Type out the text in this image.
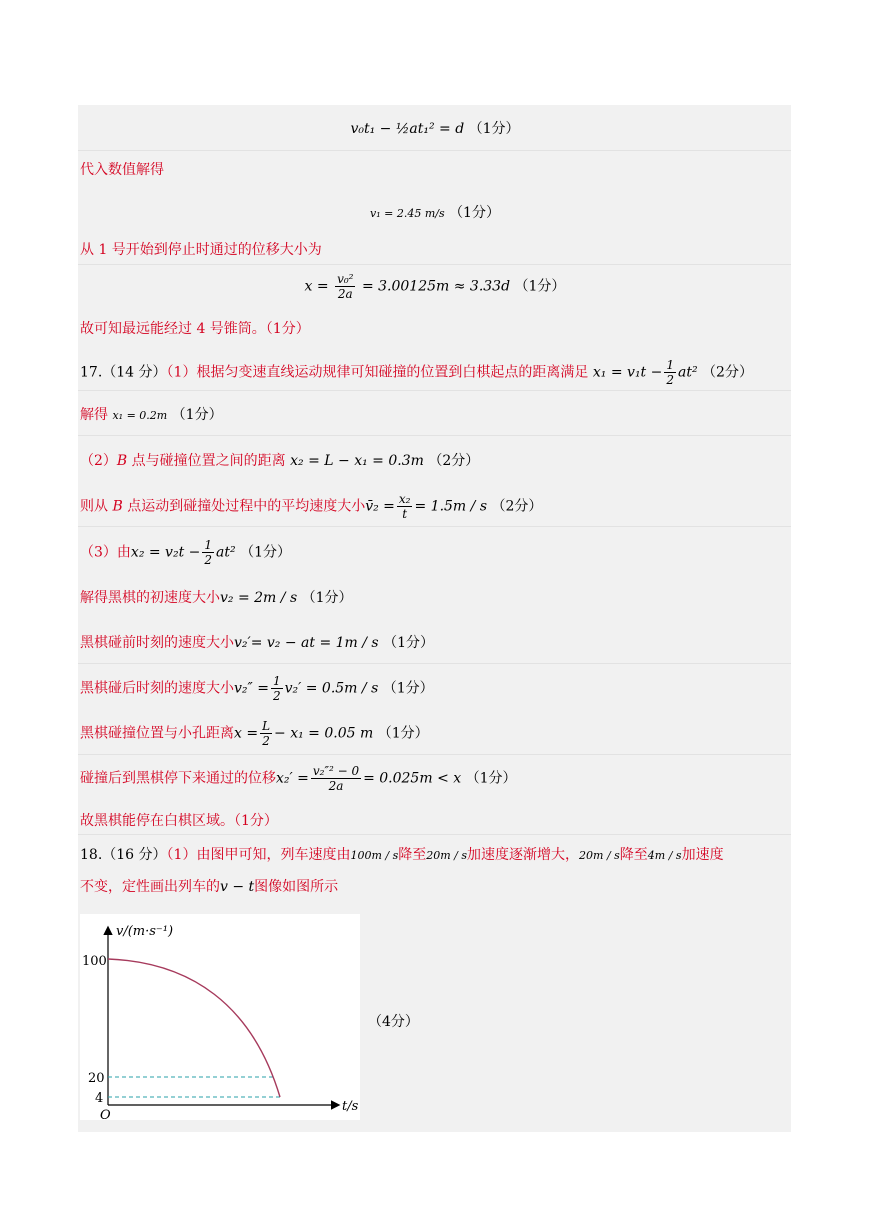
v₀t₁ − ½at₁² = d （1分）
代入数值解得
v₁ = 2.45 m/s （1分）
从 1 号开始到停止时通过的位移大小为
$x = \frac{\text{v₀²}}{2a} = 3.00125m \approx 3.33d$ （1分）
故可知最远能经过 4 号锥筒。（1分）
17.（14 分）（1）根据匀变速直线运动规律可知碰撞的位置到白棋起点的距离满足 $x_1 = v_1t - \frac{1}{2} at^2$ （2分）
解得 x₁ = 0.2m （1分）
（2）B 点与碰撞位置之间的距离 x₂ = L − x₁ = 0.3m （2分）
则从 B 点运动到碰撞处过程中的平均速度大小v̄₂ = $\frac{\text{x₂}}{t} = 1.5m / s$ （2分）
（3）由$x_2 = v_2t - \frac{1}{2} at^2$ （1分）
解得黑棋的初速度大小v₂ = 2m / s （1分）
黑棋碰前时刻的速度大小v₂′= v₂ − at = 1m / s （1分）
黑棋碰后时刻的速度大小$v_2'' = \frac{1}{2} v_2' = 0.5m / s$ （1分）
黑棋碰撞位置与小孔距离$x = \frac{L}{2} - x_1 = 0.05$ m （1分）
碰撞后到黑棋停下来通过的位移$x_2' = \frac{\text{v₂″² − 0}}{2a} = 0.025m < x$ （1分）
故黑棋能停在白棋区域。（1分）
18.（16 分）（1）由图甲可知，列车速度由100m / s降至20m / s加速度逐渐增大，20m / s降至4m / s加速度
不变，定性画出列车的v − t图像如图所示
v/(m·s⁻¹)
100
20
4
O
t/s
（4分）
